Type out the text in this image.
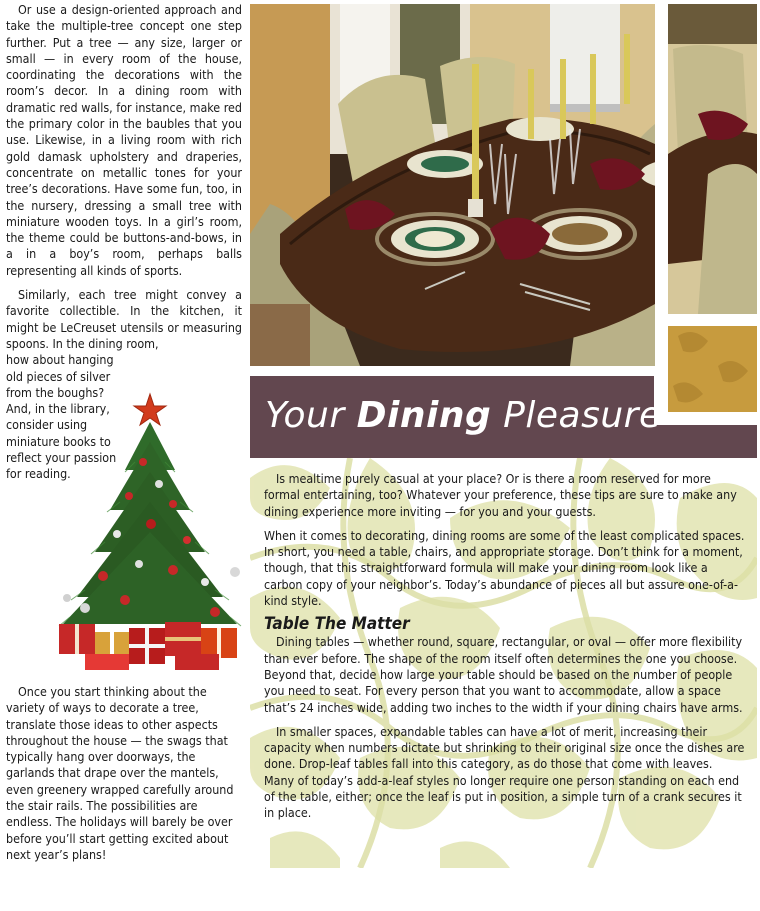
Or use a design-oriented approach and take the multiple-tree concept one step further. Put a tree — any size, larger or small — in every room of the house, coordinating the decorations with the room’s decor. In a dining room with dramatic red walls, for instance, make red the primary color in the baubles that you use. Likewise, in a living room with rich gold damask upholstery and draperies, concentrate on metallic tones for your tree’s decorations. Have some fun, too, in the nursery, dressing a small tree with miniature wooden toys. In a girl’s room, the theme could be buttons-and-bows, in a in a boy’s room, perhaps balls representing all kinds of sports.

Similarly, each tree might convey a favorite collectible. In the kitchen, it might be LeCreuset utensils or measuring spoons. In the dining room,
how about hanging old pieces of silver from the boughs? And, in the library, consider using miniature books to reflect your passion for reading.

Once you start thinking about the variety of ways to decorate a tree, translate those ideas to other aspects throughout the house — the swags that typically hang over doorways, the garlands that drape over the mantels, even greenery wrapped carefully around the stair rails. The possibilities are endless. The holidays will barely be over before you’ll start getting excited about next year’s plans!

Your Dining Pleasure

Is mealtime purely casual at your place? Or is there a room reserved for more formal entertaining, too? Whatever your preference, these tips are sure to make any dining experience more inviting — for you and your guests.

When it comes to decorating, dining rooms are some of the least complicated spaces. In short, you need a table, chairs, and appropriate storage. Don’t think for a moment, though, that this straightforward formula will make your dining room look like a carbon copy of your neighbor’s. Today’s abundance of pieces all but assure one-of-a-kind style.

Table The Matter

Dining tables — whether round, square, rectangular, or oval — offer more flexibility than ever before. The shape of the room itself often determines the one you choose. Beyond that, decide how large your table should be based on the number of people you need to seat. For every person that you want to accommodate, allow a space that’s 24 inches wide, adding two inches to the width if your dining chairs have arms.

In smaller spaces, expandable tables can have a lot of merit, increasing their capacity when numbers dictate but shrinking to their original size once the dishes are done. Drop-leaf tables fall into this category, as do those that come with leaves. Many of today’s add-a-leaf styles no longer require one person standing on each end of the table, either; once the leaf is put in position, a simple turn of a crank secures it in place.
